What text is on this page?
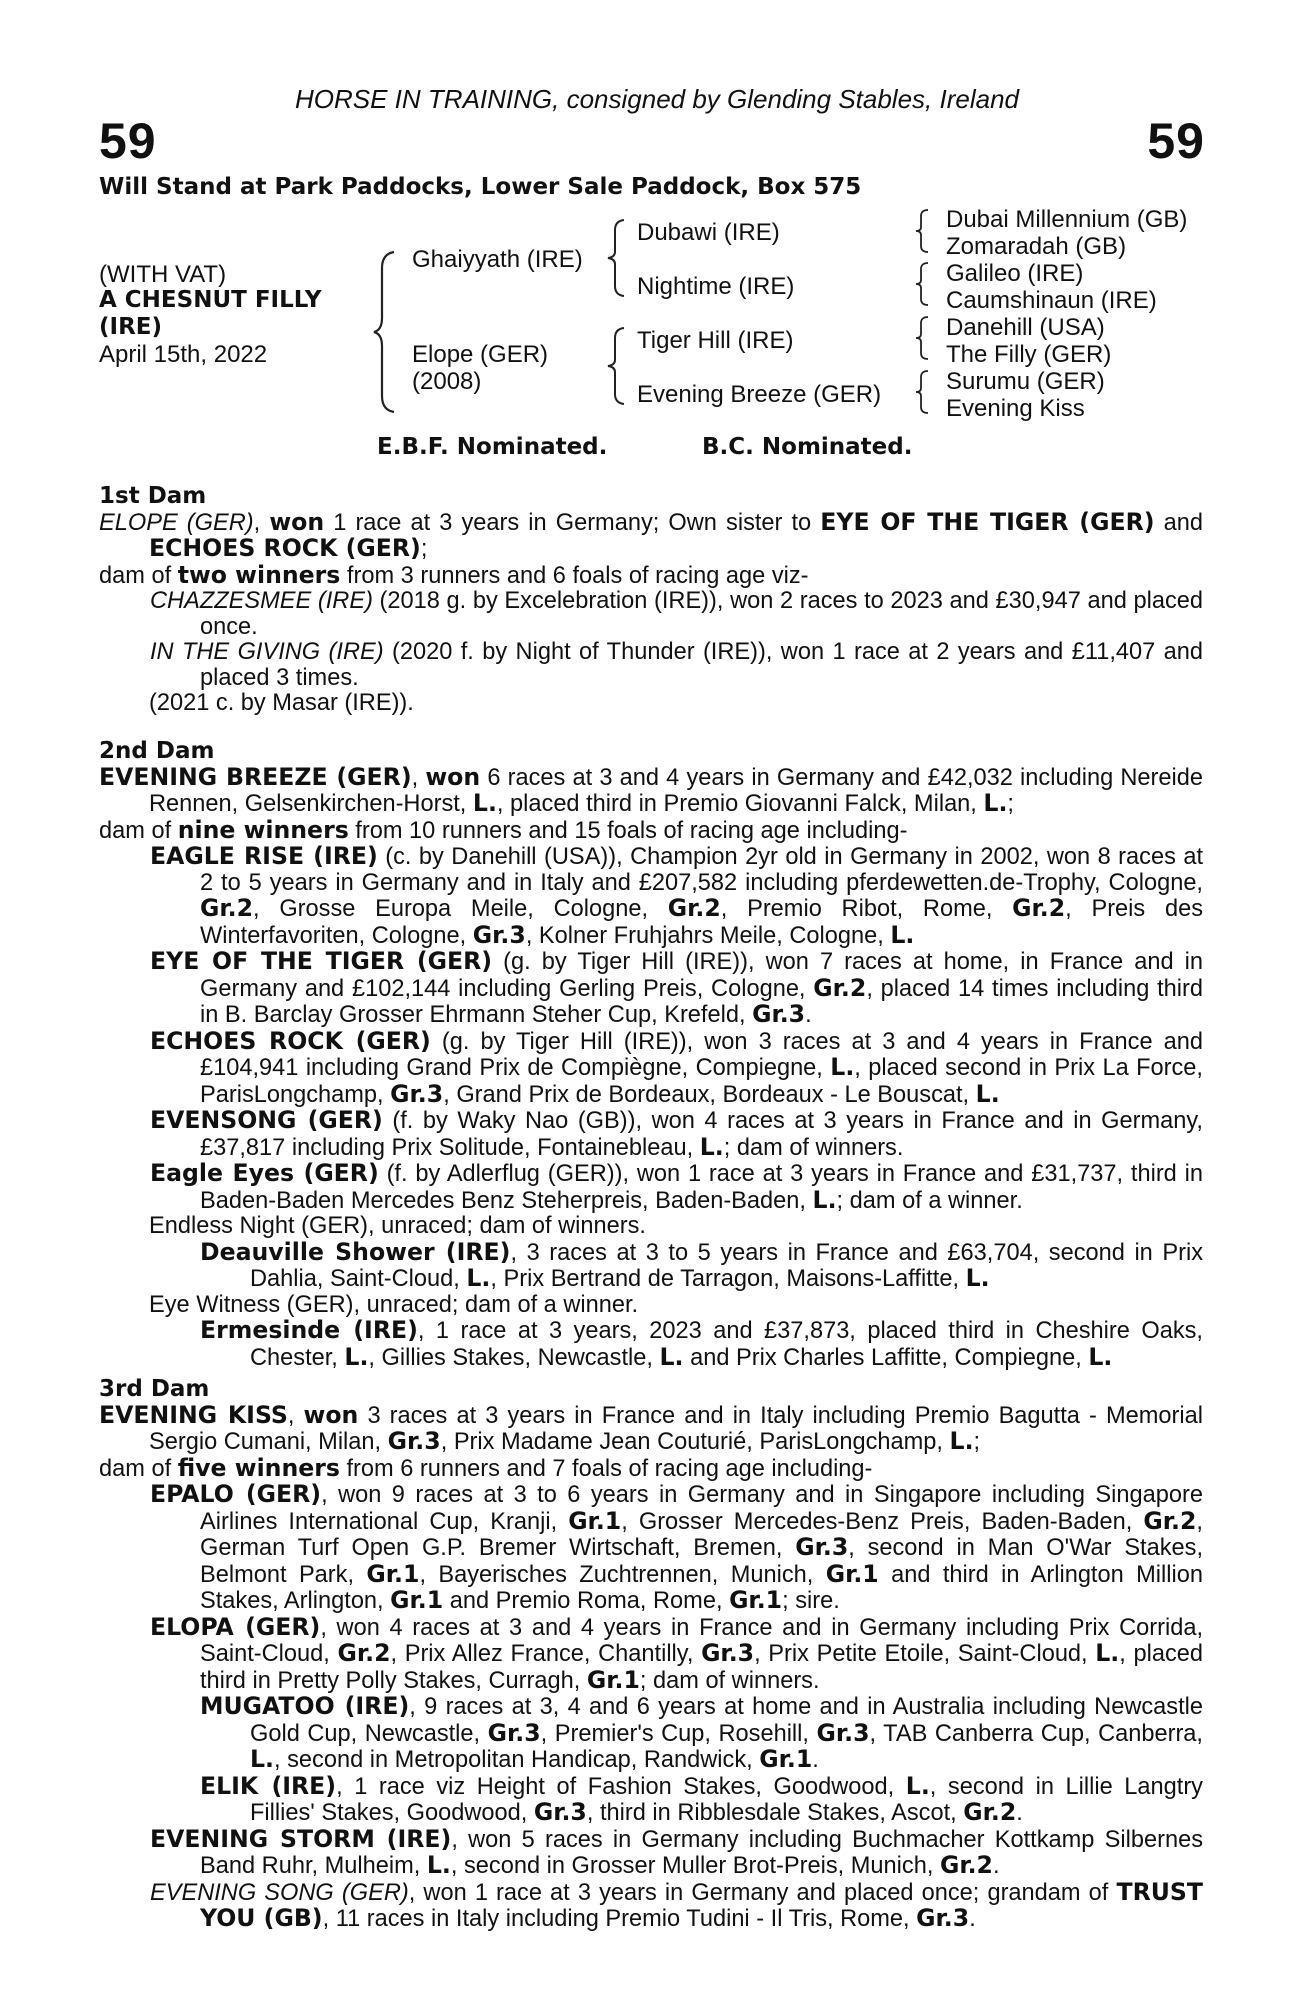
HORSE IN TRAINING, consigned by Glending Stables, Ireland
59	59
Will Stand at Park Paddocks, Lower Sale Paddock, Box 575
(WITH VAT)
A CHESNUT FILLY
(IRE)
April 15th, 2022
Ghaiyyath (IRE)
Elope (GER)
(2008)
Dubawi (IRE)
Nightime (IRE)
Tiger Hill (IRE)
Evening Breeze (GER)
Dubai Millennium (GB)
Zomaradah (GB)
Galileo (IRE)
Caumshinaun (IRE)
Danehill (USA)
The Filly (GER)
Surumu (GER)
Evening Kiss
E.B.F. Nominated.	B.C. Nominated.

1st Dam

ELOPE (GER), won 1 race at 3 years in Germany; Own sister to EYE OF THE TIGER (GER) and ECHOES ROCK (GER);

dam of two winners from 3 runners and 6 foals of racing age viz-

CHAZZESMEE (IRE) (2018 g. by Excelebration (IRE)), won 2 races to 2023 and £30,947 and placed once.

IN THE GIVING (IRE) (2020 f. by Night of Thunder (IRE)), won 1 race at 2 years and £11,407 and placed 3 times.

(2021 c. by Masar (IRE)).

2nd Dam

EVENING BREEZE (GER), won 6 races at 3 and 4 years in Germany and £42,032 including Nereide Rennen, Gelsenkirchen-Horst, L., placed third in Premio Giovanni Falck, Milan, L.;

dam of nine winners from 10 runners and 15 foals of racing age including-

EAGLE RISE (IRE) (c. by Danehill (USA)), Champion 2yr old in Germany in 2002, won 8 races at 2 to 5 years in Germany and in Italy and £207,582 including pferdewetten.de-Trophy, Cologne, Gr.2, Grosse Europa Meile, Cologne, Gr.2, Premio Ribot, Rome, Gr.2, Preis des Winterfavoriten, Cologne, Gr.3, Kolner Fruhjahrs Meile, Cologne, L.

EYE OF THE TIGER (GER) (g. by Tiger Hill (IRE)), won 7 races at home, in France and in Germany and £102,144 including Gerling Preis, Cologne, Gr.2, placed 14 times including third in B. Barclay Grosser Ehrmann Steher Cup, Krefeld, Gr.3.

ECHOES ROCK (GER) (g. by Tiger Hill (IRE)), won 3 races at 3 and 4 years in France and £104,941 including Grand Prix de Compiègne, Compiegne, L., placed second in Prix La Force, ParisLongchamp, Gr.3, Grand Prix de Bordeaux, Bordeaux - Le Bouscat, L.

EVENSONG (GER) (f. by Waky Nao (GB)), won 4 races at 3 years in France and in Germany, £37,817 including Prix Solitude, Fontainebleau, L.; dam of winners.

Eagle Eyes (GER) (f. by Adlerflug (GER)), won 1 race at 3 years in France and £31,737, third in Baden-Baden Mercedes Benz Steherpreis, Baden-Baden, L.; dam of a winner.

Endless Night (GER), unraced; dam of winners.

Deauville Shower (IRE), 3 races at 3 to 5 years in France and £63,704, second in Prix Dahlia, Saint-Cloud, L., Prix Bertrand de Tarragon, Maisons-Laffitte, L.

Eye Witness (GER), unraced; dam of a winner.

Ermesinde (IRE), 1 race at 3 years, 2023 and £37,873, placed third in Cheshire Oaks, Chester, L., Gillies Stakes, Newcastle, L. and Prix Charles Laffitte, Compiegne, L.

3rd Dam

EVENING KISS, won 3 races at 3 years in France and in Italy including Premio Bagutta - Memorial Sergio Cumani, Milan, Gr.3, Prix Madame Jean Couturié, ParisLongchamp, L.;

dam of five winners from 6 runners and 7 foals of racing age including-

EPALO (GER), won 9 races at 3 to 6 years in Germany and in Singapore including Singapore Airlines International Cup, Kranji, Gr.1, Grosser Mercedes-Benz Preis, Baden-Baden, Gr.2, German Turf Open G.P. Bremer Wirtschaft, Bremen, Gr.3, second in Man O'War Stakes, Belmont Park, Gr.1, Bayerisches Zuchtrennen, Munich, Gr.1 and third in Arlington Million Stakes, Arlington, Gr.1 and Premio Roma, Rome, Gr.1; sire.

ELOPA (GER), won 4 races at 3 and 4 years in France and in Germany including Prix Corrida, Saint-Cloud, Gr.2, Prix Allez France, Chantilly, Gr.3, Prix Petite Etoile, Saint-Cloud, L., placed third in Pretty Polly Stakes, Curragh, Gr.1; dam of winners.

MUGATOO (IRE), 9 races at 3, 4 and 6 years at home and in Australia including Newcastle Gold Cup, Newcastle, Gr.3, Premier's Cup, Rosehill, Gr.3, TAB Canberra Cup, Canberra, L., second in Metropolitan Handicap, Randwick, Gr.1.

ELIK (IRE), 1 race viz Height of Fashion Stakes, Goodwood, L., second in Lillie Langtry Fillies' Stakes, Goodwood, Gr.3, third in Ribblesdale Stakes, Ascot, Gr.2.

EVENING STORM (IRE), won 5 races in Germany including Buchmacher Kottkamp Silbernes Band Ruhr, Mulheim, L., second in Grosser Muller Brot-Preis, Munich, Gr.2.

EVENING SONG (GER), won 1 race at 3 years in Germany and placed once; grandam of TRUST YOU (GB), 11 races in Italy including Premio Tudini - Il Tris, Rome, Gr.3.
